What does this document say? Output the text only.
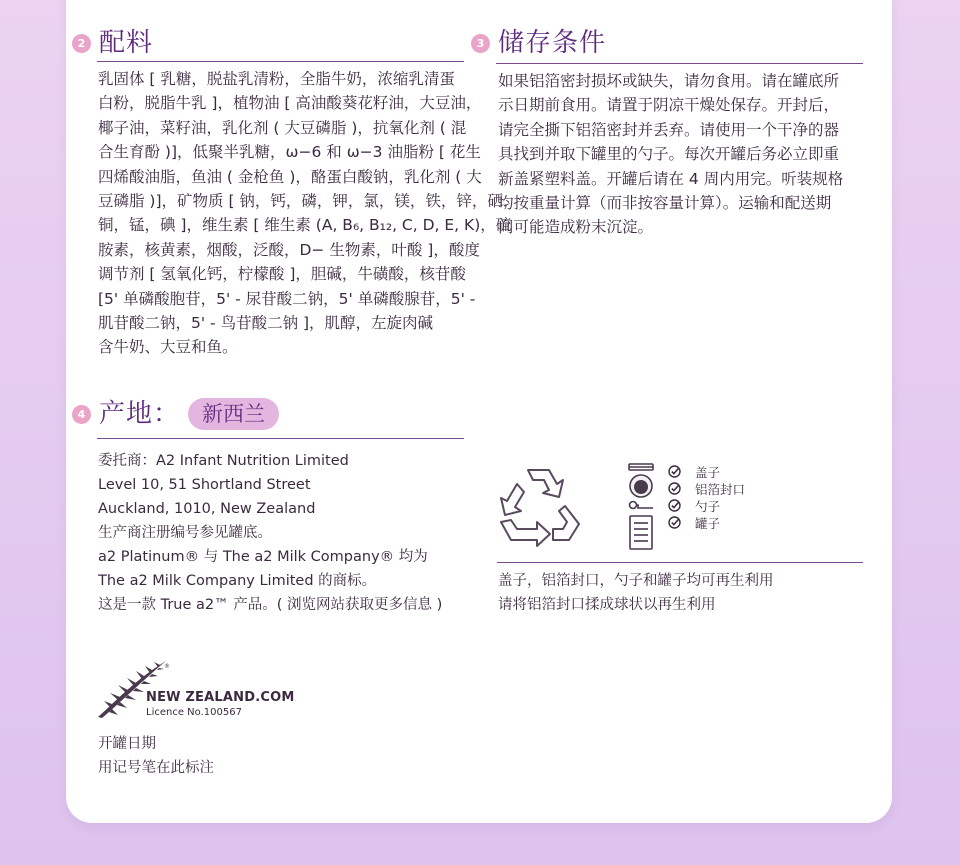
2 配料

乳固体 [ 乳糖，脱盐乳清粉，全脂牛奶，浓缩乳清蛋

白粉，脱脂牛乳 ]，植物油 [ 高油酸葵花籽油，大豆油，

椰子油，菜籽油，乳化剂 ( 大豆磷脂 )，抗氧化剂 ( 混

合生育酚 )]，低聚半乳糖，ω−6 和 ω−3 油脂粉 [ 花生

四烯酸油脂，鱼油 ( 金枪鱼 )，酪蛋白酸钠，乳化剂 ( 大

豆磷脂 )]，矿物质 [ 钠，钙，磷，钾，氯，镁，铁，锌，硒，

铜，锰，碘 ]，维生素 [ 维生素 (A, B₆, B₁₂, C, D, E, K)，硫

胺素，核黄素，烟酸，泛酸，D− 生物素，叶酸 ]，酸度

调节剂 [ 氢氧化钙，柠檬酸 ]，胆碱，牛磺酸，核苷酸

[5' 单磷酸胞苷，5' - 尿苷酸二钠，5' 单磷酸腺苷，5' -

肌苷酸二钠，5' - 鸟苷酸二钠 ]，肌醇，左旋肉碱

含牛奶、大豆和鱼。

3 储存条件

如果铝箔密封损坏或缺失，请勿食用。请在罐底所

示日期前食用。请置于阴凉干燥处保存。开封后，

请完全撕下铝箔密封并丢弃。请使用一个干净的器

具找到并取下罐里的勺子。每次开罐后务必立即重

新盖紧塑料盖。开罐后请在 4 周内用完。听装规格

均按重量计算（而非按容量计算）。运输和配送期

间可能造成粉末沉淀。

4 产地：	新西兰

委托商：A2 Infant Nutrition Limited

Level 10, 51 Shortland Street

Auckland, 1010, New Zealand

生产商注册编号参见罐底。

a2 Platinum® 与 The a2 Milk Company® 均为

The a2 Milk Company Limited 的商标。

这是一款 True a2™ 产品。( 浏览网站获取更多信息 )

盖子
铝箔封口
勺子
罐子

盖子，铝箔封口，勺子和罐子均可再生利用

请将铝箔封口揉成球状以再生利用

®
NEW ZEALAND.COM
Licence No.100567

开罐日期

用记号笔在此标注
